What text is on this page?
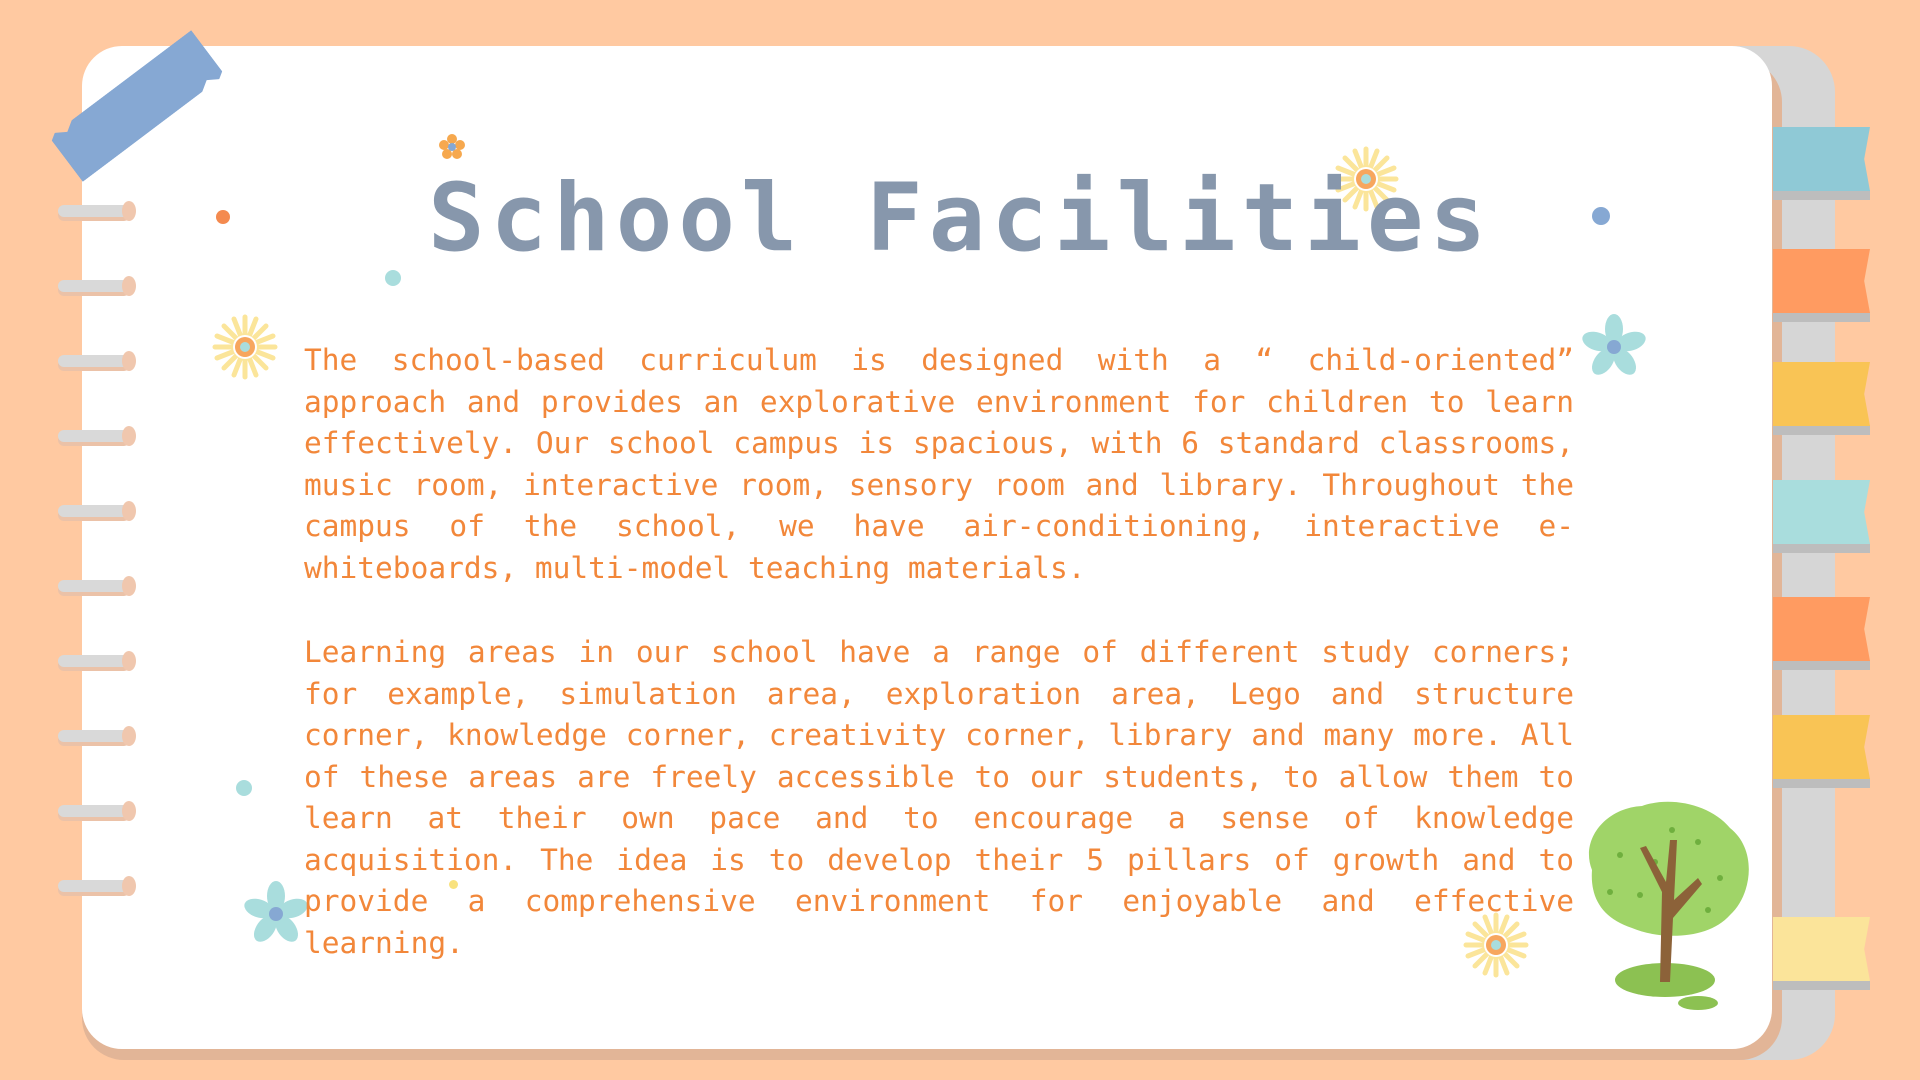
School Facilities

The school-based curriculum is designed with a “ child-oriented” approach and provides an explorative environment for children to learn effectively. Our school campus is spacious, with 6 standard classrooms, music room, interactive room, sensory room and library. Throughout the campus of the school, we have air-conditioning, interactive e-whiteboards, multi-model teaching materials.

Learning areas in our school have a range of different study corners; for example, simulation area, exploration area, Lego and structure corner, knowledge corner, creativity corner, library and many more. All of these areas are freely accessible to our students, to allow them to learn at their own pace and to encourage a sense of knowledge acquisition. The idea is to develop their 5 pillars of growth and to provide a comprehensive environment for enjoyable and effective learning.
